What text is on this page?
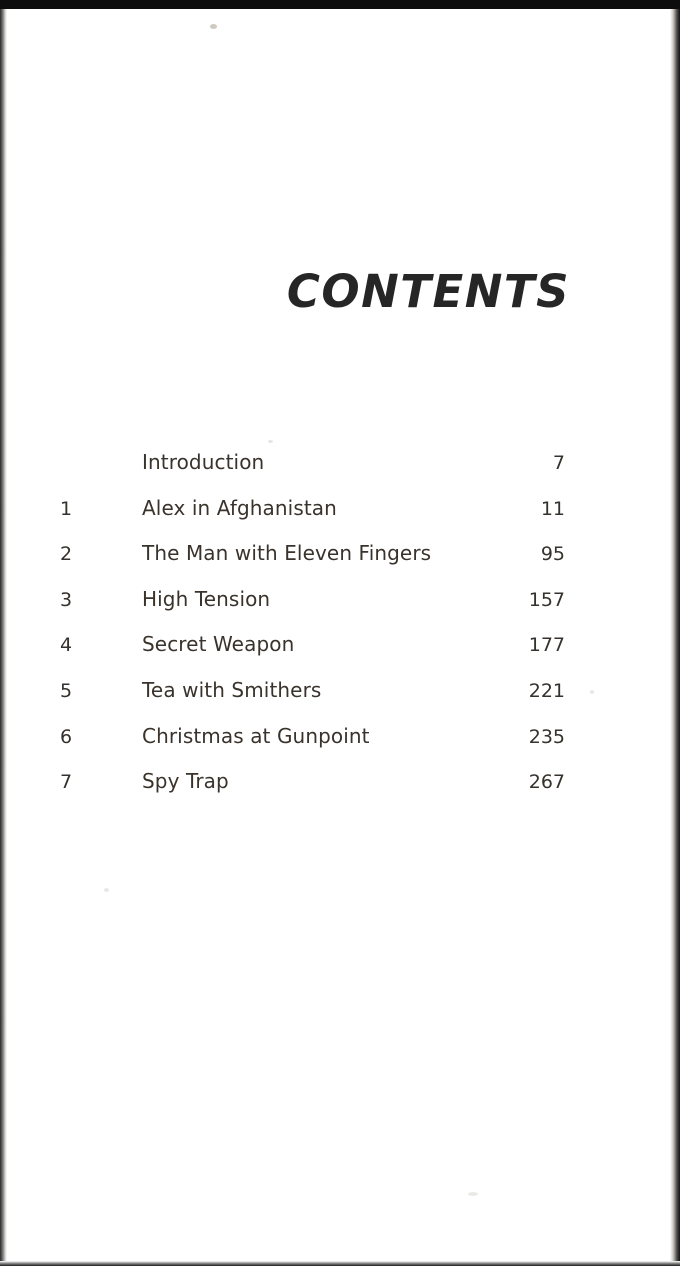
CONTENTS
Introduction	7
1	Alex in Afghanistan	11
2	The Man with Eleven Fingers	95
3	High Tension	157
4	Secret Weapon	177
5	Tea with Smithers	221
6	Christmas at Gunpoint	235
7	Spy Trap	267
